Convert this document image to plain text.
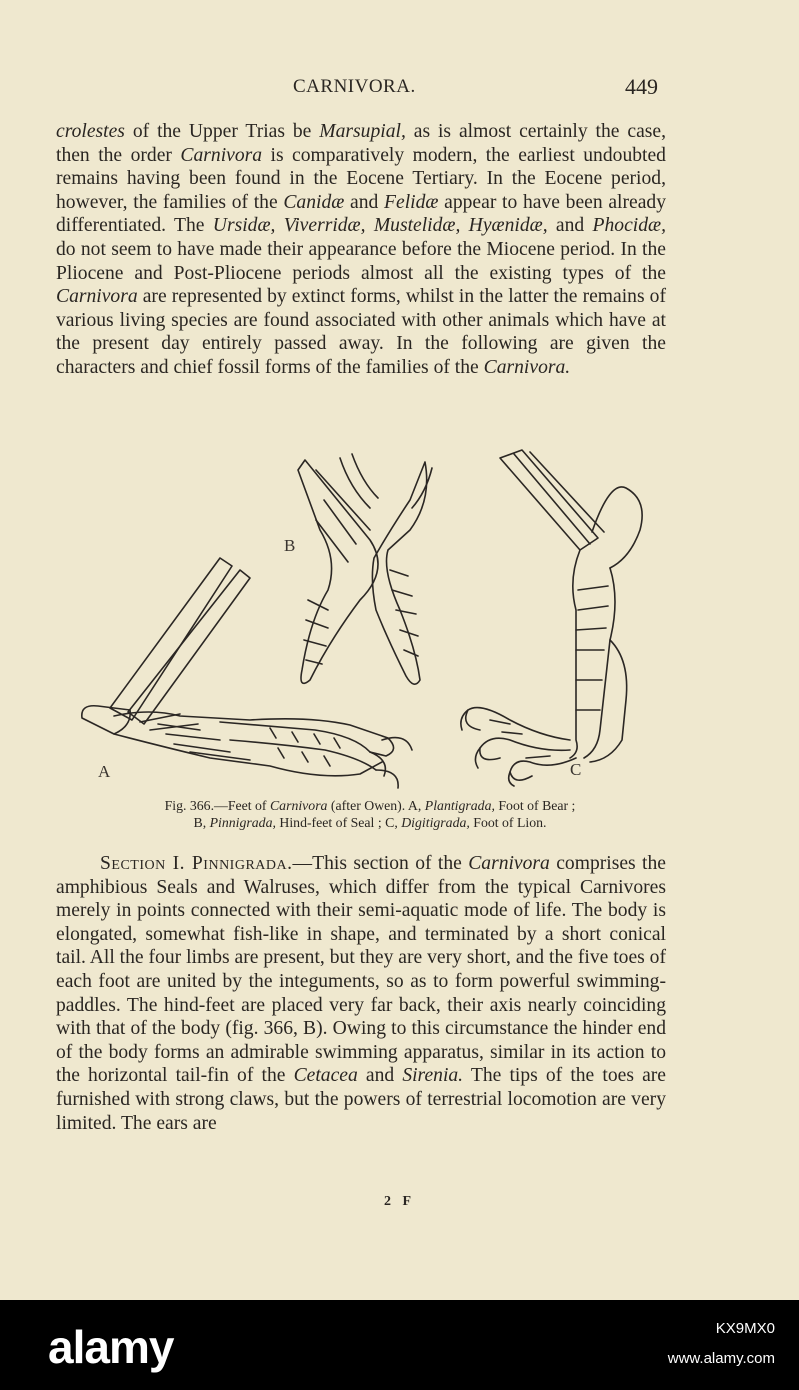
CARNIVORA.	449

crolestes of the Upper Trias be Marsupial, as is almost certainly the case, then the order Carnivora is comparatively modern, the earliest undoubted remains having been found in the Eocene Tertiary. In the Eocene period, however, the families of the Canidæ and Felidæ appear to have been already differentiated. The Ursidæ, Viverridæ, Mustelidæ, Hyænidæ, and Phocidæ, do not seem to have made their appearance before the Miocene period. In the Pliocene and Post-Pliocene periods almost all the existing types of the Carnivora are represented by extinct forms, whilst in the latter the remains of various living species are found associated with other animals which have at the present day entirely passed away. In the following are given the characters and chief fossil forms of the families of the Carnivora.

A
B
C
Fig. 366.—Feet of Carnivora (after Owen). A, Plantigrada, Foot of Bear ;
B, Pinnigrada, Hind-feet of Seal ; C, Digitigrada, Foot of Lion.
Section I. Pinnigrada.—This section of the Carnivora comprises the amphibious Seals and Walruses, which differ from the typical Carnivores merely in points connected with their semi-aquatic mode of life. The body is elongated, somewhat fish-like in shape, and terminated by a short conical tail. All the four limbs are present, but they are very short, and the five toes of each foot are united by the integuments, so as to form powerful swimming-paddles. The hind-feet are placed very far back, their axis nearly coinciding with that of the body (fig. 366, B). Owing to this circumstance the hinder end of the body forms an admirable swimming apparatus, similar in its action to the horizontal tail-fin of the Cetacea and Sirenia. The tips of the toes are furnished with strong claws, but the powers of terrestrial locomotion are very limited. The ears are
2 F
alamy	KX9MX0
www.alamy.com
